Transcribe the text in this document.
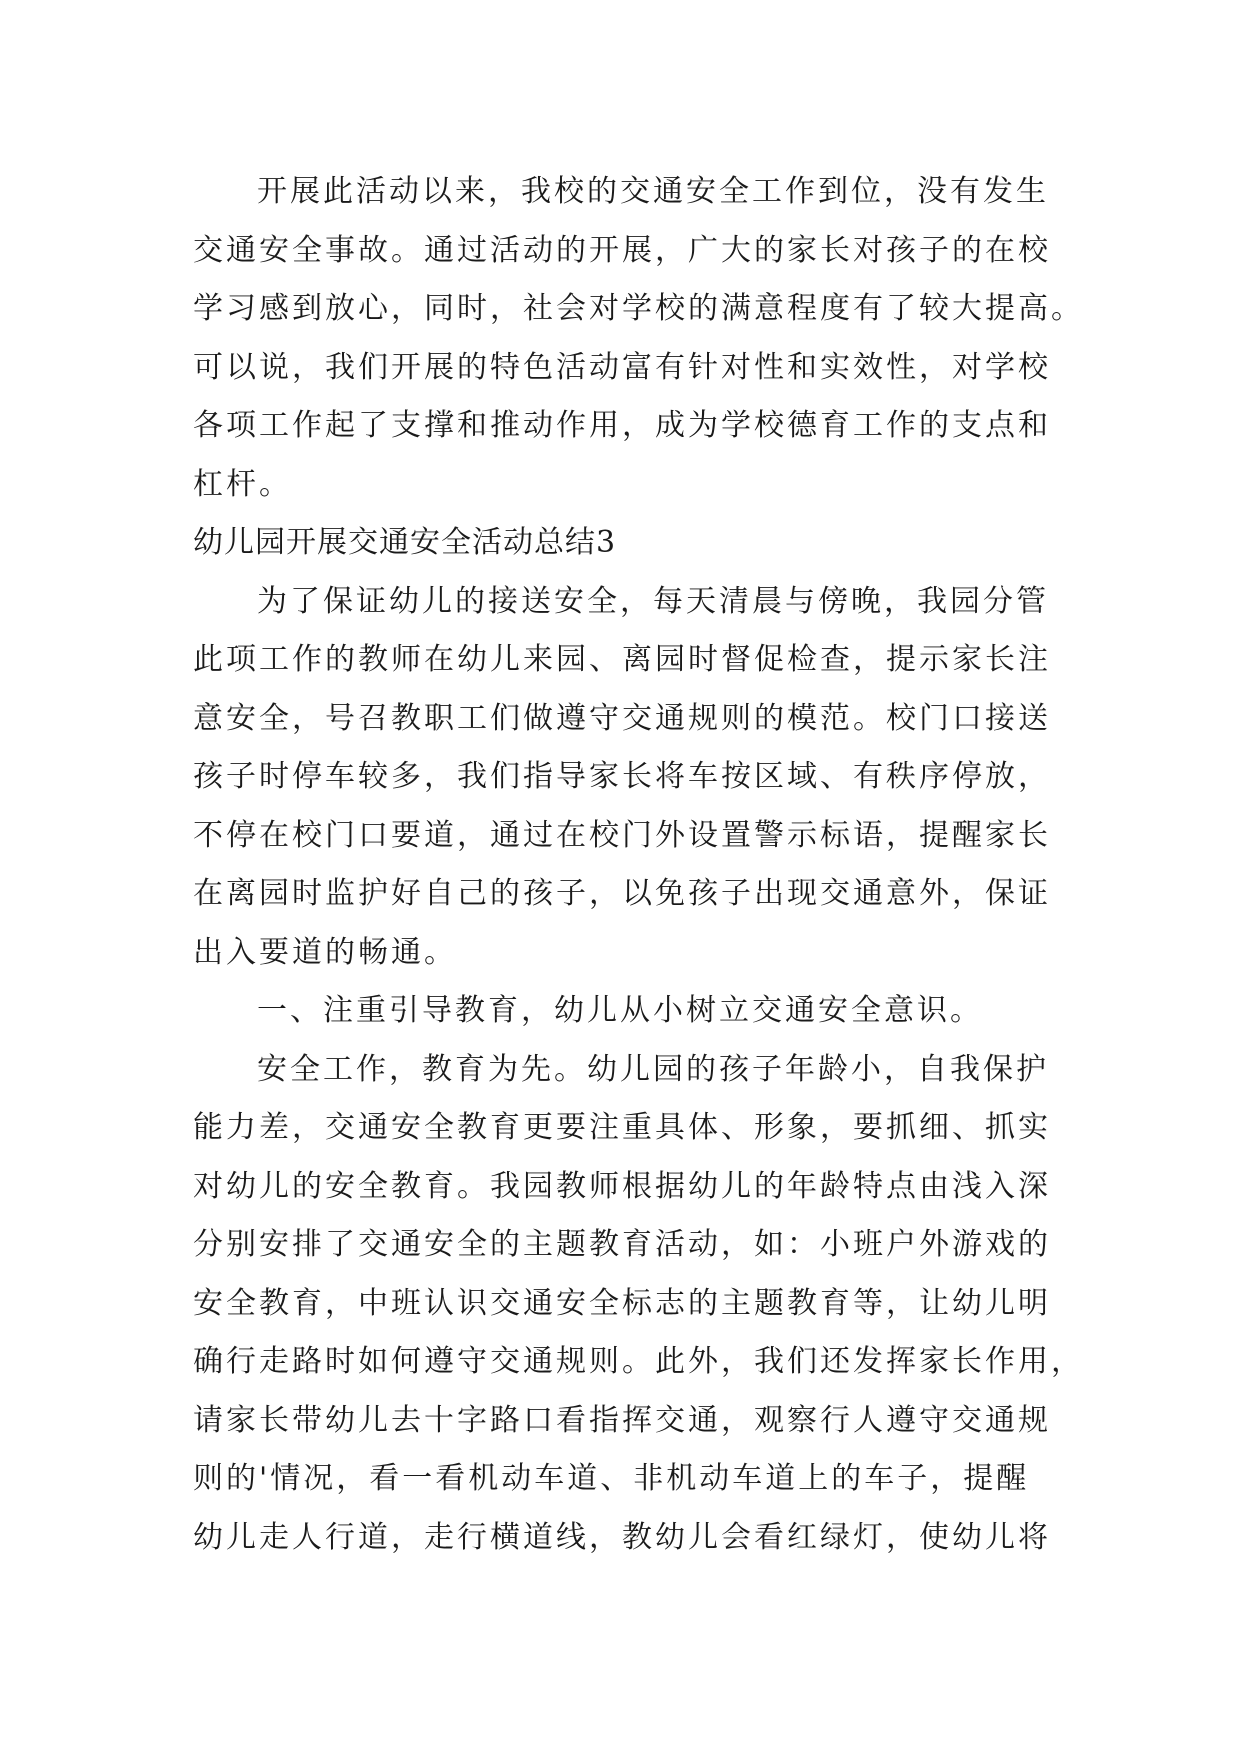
开展此活动以来，我校的交通安全工作到位，没有发生
交通安全事故。通过活动的开展，广大的家长对孩子的在校
学习感到放心，同时，社会对学校的满意程度有了较大提高。
可以说，我们开展的特色活动富有针对性和实效性，对学校
各项工作起了支撑和推动作用，成为学校德育工作的支点和
杠杆。
幼儿园开展交通安全活动总结3
为了保证幼儿的接送安全，每天清晨与傍晚，我园分管
此项工作的教师在幼儿来园、离园时督促检查，提示家长注
意安全，号召教职工们做遵守交通规则的模范。校门口接送
孩子时停车较多，我们指导家长将车按区域、有秩序停放，
不停在校门口要道，通过在校门外设置警示标语，提醒家长
在离园时监护好自己的孩子，以免孩子出现交通意外，保证
出入要道的畅通。
一、注重引导教育，幼儿从小树立交通安全意识。
安全工作，教育为先。幼儿园的孩子年龄小，自我保护
能力差，交通安全教育更要注重具体、形象，要抓细、抓实
对幼儿的安全教育。我园教师根据幼儿的年龄特点由浅入深
分别安排了交通安全的主题教育活动，如：小班户外游戏的
安全教育，中班认识交通安全标志的主题教育等，让幼儿明
确行走路时如何遵守交通规则。此外，我们还发挥家长作用，
请家长带幼儿去十字路口看指挥交通，观察行人遵守交通规
则的'情况，看一看机动车道、非机动车道上的车子，提醒
幼儿走人行道，走行横道线，教幼儿会看红绿灯，使幼儿将
